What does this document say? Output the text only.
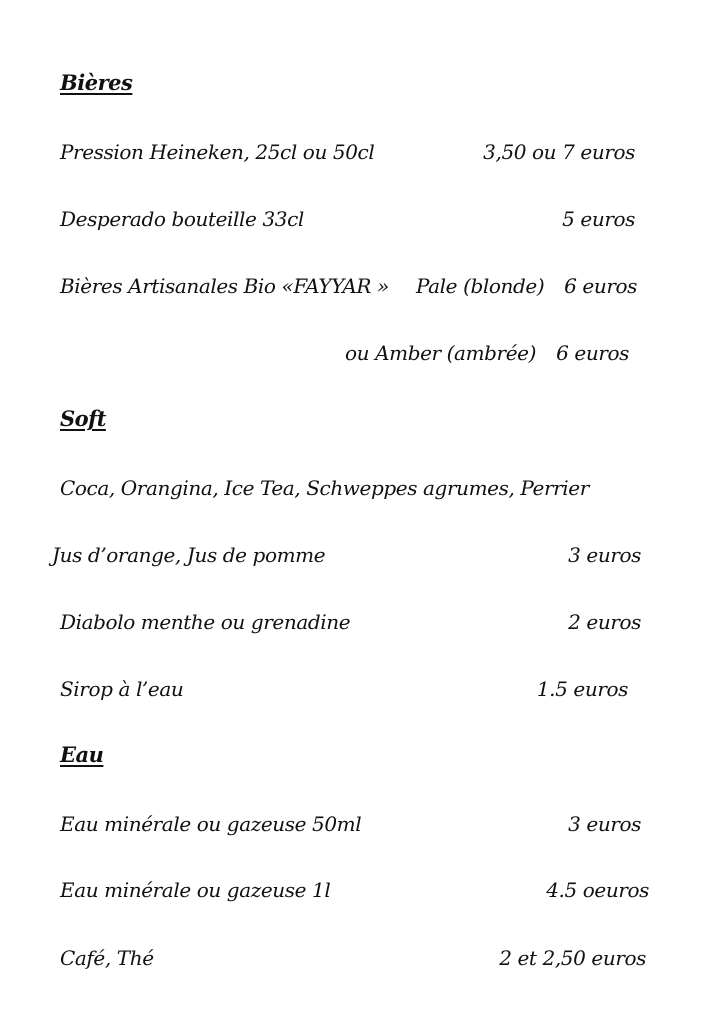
Bières
Pression Heineken, 25cl ou 50cl	3,50 ou 7 euros
Desperado bouteille 33cl	5 euros
Bières Artisanales Bio «FAYYAR » Pale (blonde) 6 euros
ou Amber (ambrée) 6 euros
Soft
Coca, Orangina, Ice Tea, Schweppes agrumes, Perrier
Jus d’orange, Jus de pomme	3 euros
Diabolo menthe ou grenadine	2 euros
Sirop à l’eau	1.5 euros
Eau
Eau minérale ou gazeuse 50ml	3 euros
Eau minérale ou gazeuse 1l	4.5 oeuros
Café, Thé	2 et 2,50 euros
